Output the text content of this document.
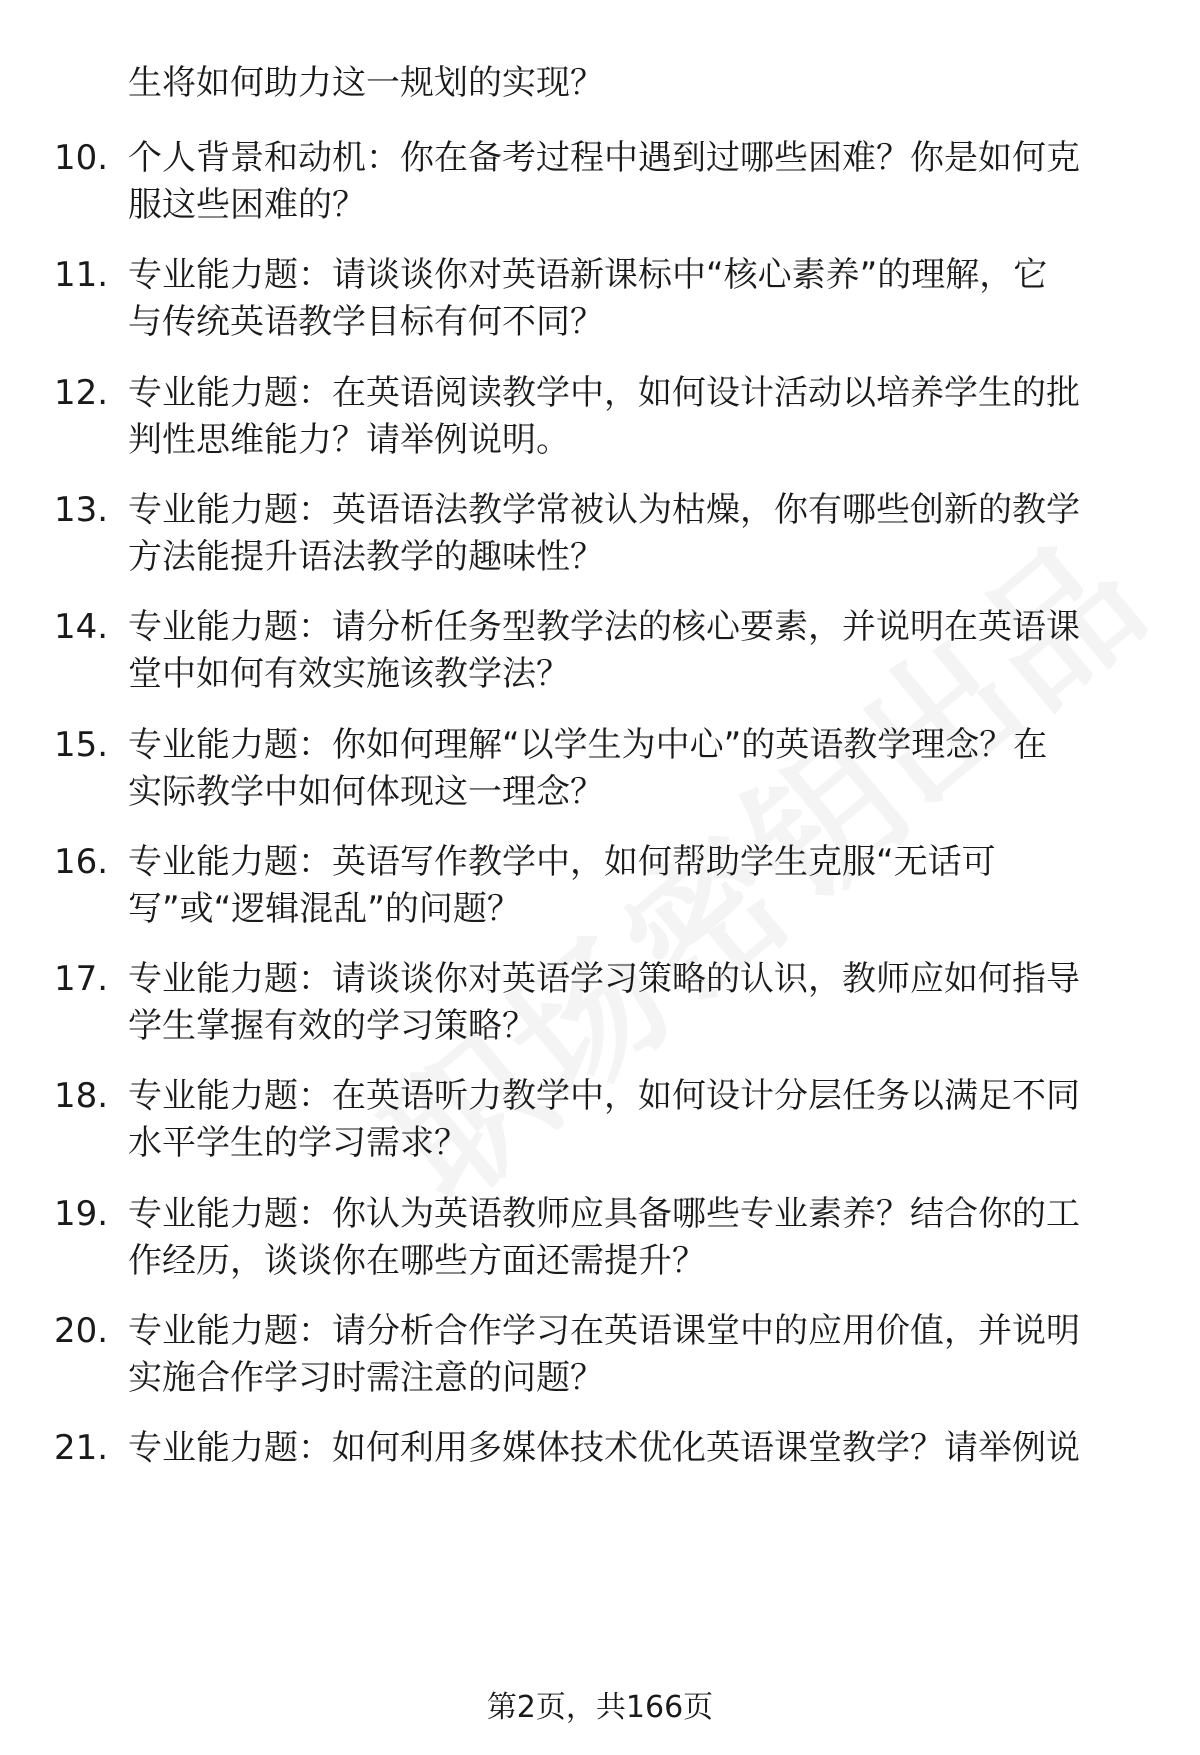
生将如何助力这一规划的实现？
10. 个人背景和动机：你在备考过程中遇到过哪些困难？你是如何克
服这些困难的？
11. 专业能力题：请谈谈你对英语新课标中“核心素养”的理解，它
与传统英语教学目标有何不同？
12. 专业能力题：在英语阅读教学中，如何设计活动以培养学生的批
判性思维能力？请举例说明。
13. 专业能力题：英语语法教学常被认为枯燥，你有哪些创新的教学
方法能提升语法教学的趣味性？
14. 专业能力题：请分析任务型教学法的核心要素，并说明在英语课
堂中如何有效实施该教学法？
15. 专业能力题：你如何理解“以学生为中心”的英语教学理念？在
实际教学中如何体现这一理念？
16. 专业能力题：英语写作教学中，如何帮助学生克服“无话可
写”或“逻辑混乱”的问题？
17. 专业能力题：请谈谈你对英语学习策略的认识，教师应如何指导
学生掌握有效的学习策略？
18. 专业能力题：在英语听力教学中，如何设计分层任务以满足不同
水平学生的学习需求？
19. 专业能力题：你认为英语教师应具备哪些专业素养？结合你的工
作经历，谈谈你在哪些方面还需提升？
20. 专业能力题：请分析合作学习在英语课堂中的应用价值，并说明
实施合作学习时需注意的问题？
21. 专业能力题：如何利用多媒体技术优化英语课堂教学？请举例说
第2页，共166页
